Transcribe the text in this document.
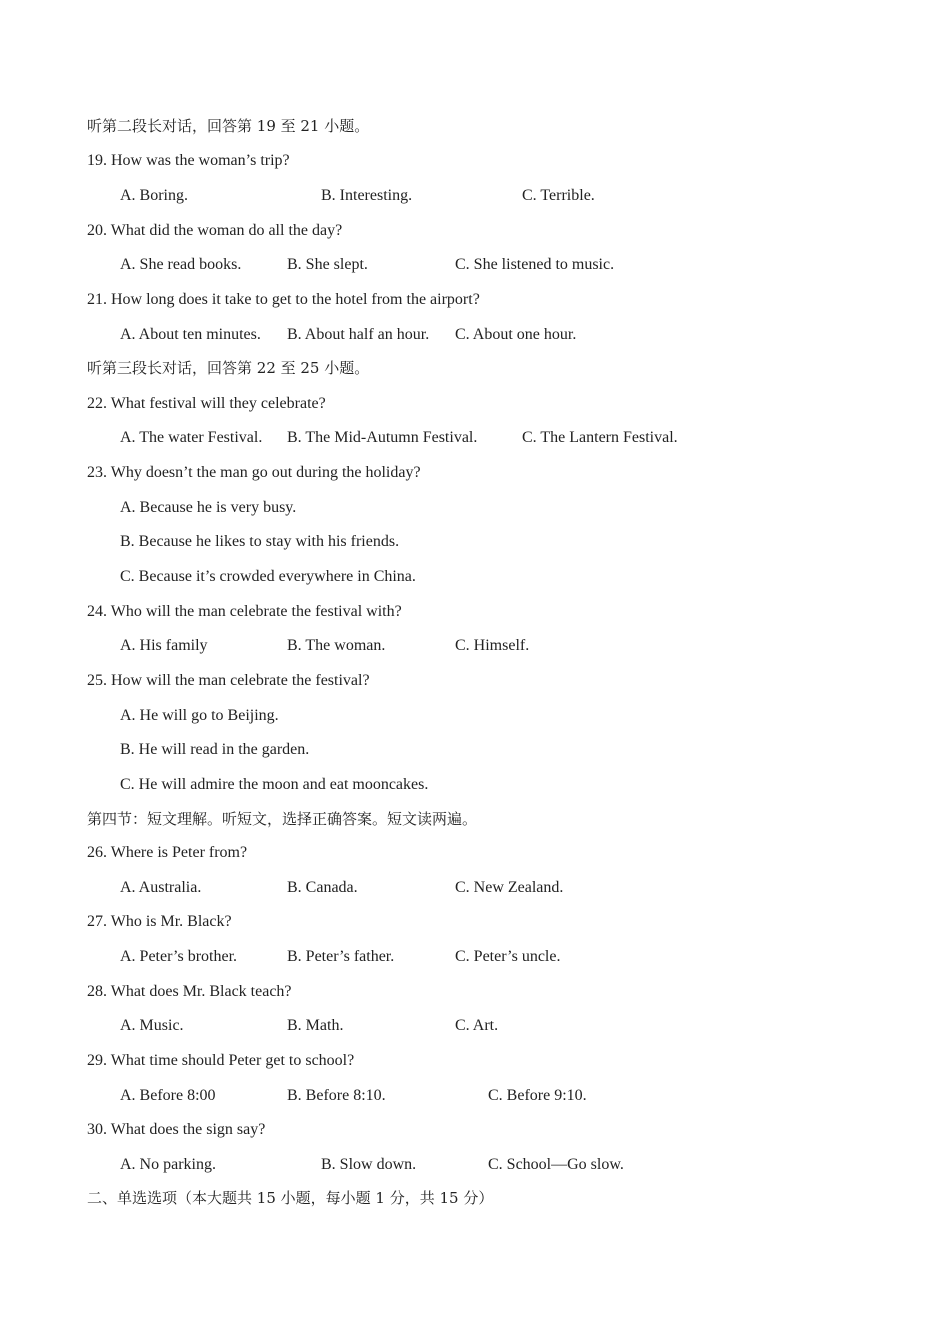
听第二段长对话，回答第 19 至 21 小题。
19. How was the woman’s trip?
A. Boring.	B. Interesting.	C. Terrible.
20. What did the woman do all the day?
A. She read books.	B. She slept.	C. She listened to music.
21. How long does it take to get to the hotel from the airport?
A. About ten minutes. B. About half an hour. C. About one hour.
听第三段长对话，回答第 22 至 25 小题。
22. What festival will they celebrate?
A. The water Festival. B. The Mid-Autumn Festival.	C. The Lantern Festival.
23. Why doesn’t the man go out during the holiday?
A. Because he is very busy.
B. Because he likes to stay with his friends.
C. Because it’s crowded everywhere in China.
24. Who will the man celebrate the festival with?
A. His family	B. The woman.	C. Himself.
25. How will the man celebrate the festival?
A. He will go to Beijing.
B. He will read in the garden.
C. He will admire the moon and eat mooncakes.
第四节：短文理解。听短文，选择正确答案。短文读两遍。
26. Where is Peter from?
A. Australia.	B. Canada.	C. New Zealand.
27. Who is Mr. Black?
A. Peter’s brother.	B. Peter’s father.	C. Peter’s uncle.
28. What does Mr. Black teach?
A. Music.	B. Math.	C. Art.
29. What time should Peter get to school?
A. Before 8:00	B. Before 8:10.	C. Before 9:10.
30. What does the sign say?
A. No parking.	B. Slow down.	C. School—Go slow.
二、单选选项（本大题共 15 小题，每小题 1 分，共 15 分）
